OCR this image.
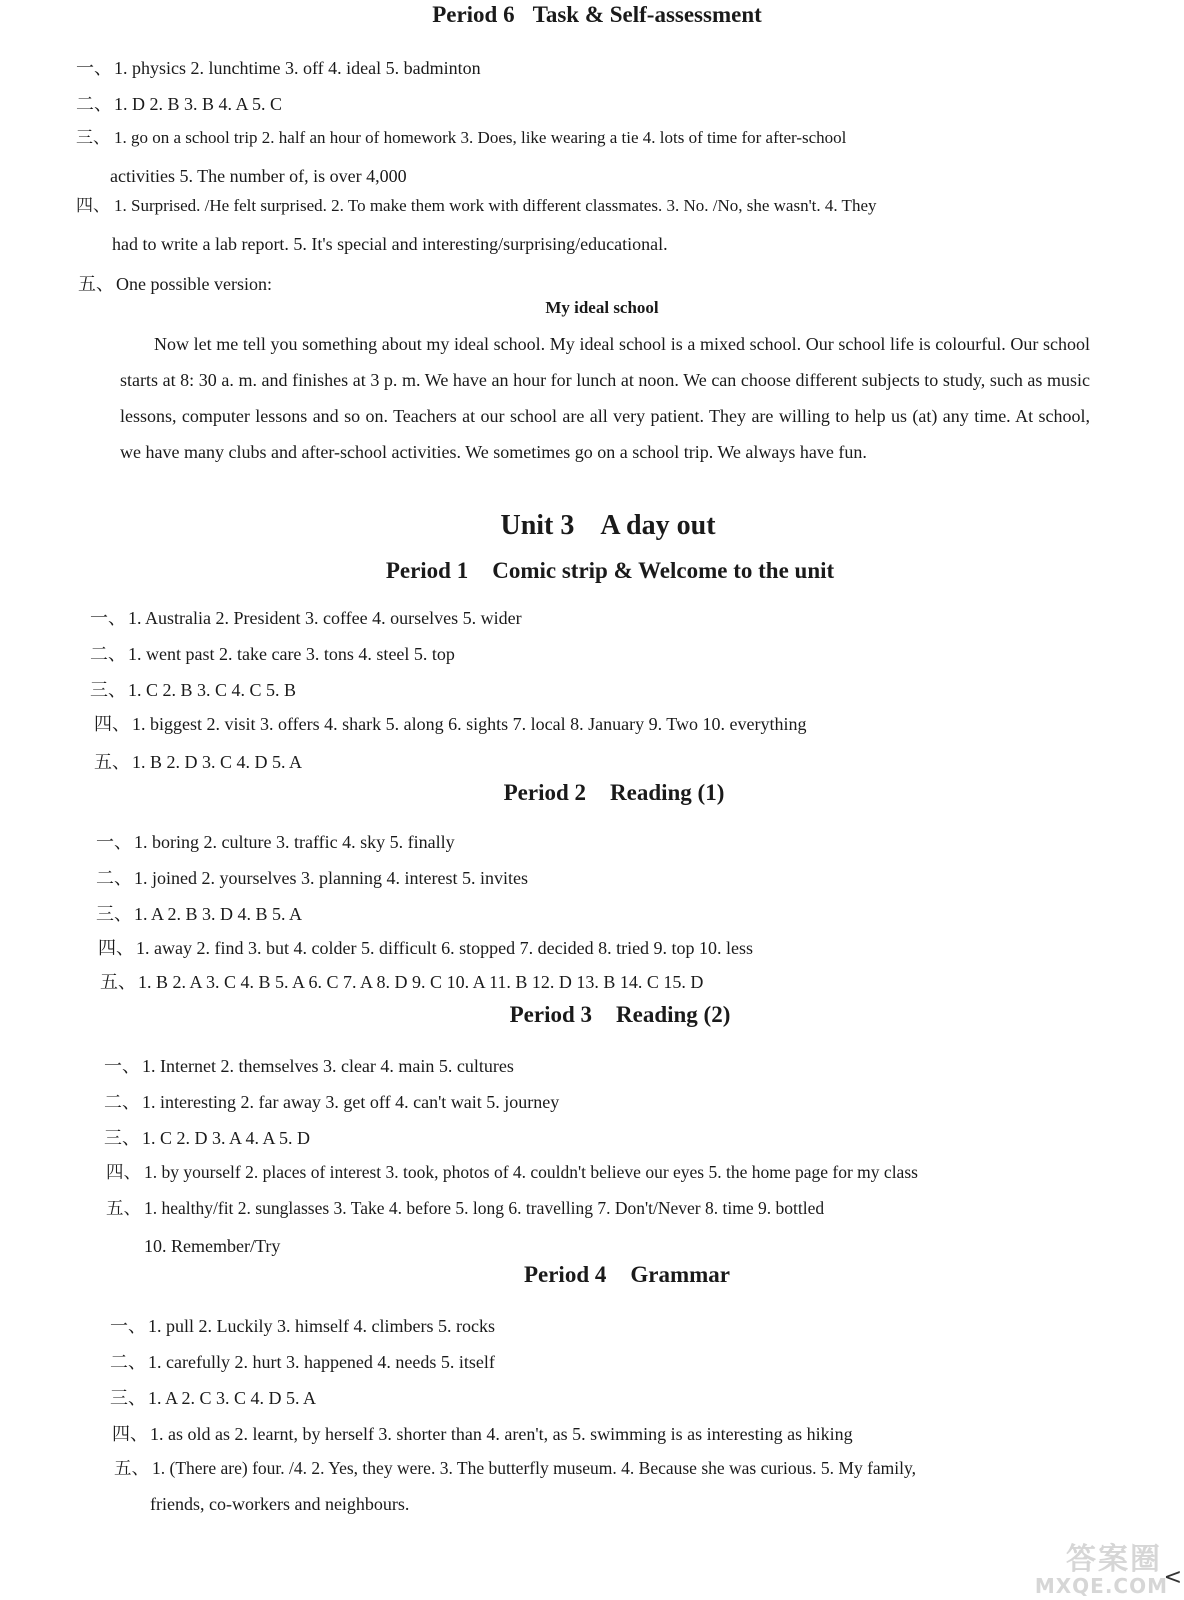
Period 6 Task & Self-assessment

一、 1. physics 2. lunchtime 3. off 4. ideal 5. badminton

二、 1. D 2. B 3. B 4. A 5. C

三、 1. go on a school trip 2. half an hour of homework 3. Does, like wearing a tie 4. lots of time for after-school

activities 5. The number of, is over 4,000

四、 1. Surprised. /He felt surprised. 2. To make them work with different classmates. 3. No. /No, she wasn't. 4. They

had to write a lab report. 5. It's special and interesting/surprising/educational.

五、 One possible version:

My ideal school

Now let me tell you something about my ideal school. My ideal school is a mixed school. Our school life is colourful. Our school starts at 8: 30 a. m. and finishes at 3 p. m. We have an hour for lunch at noon. We can choose different subjects to study, such as music lessons, computer lessons and so on. Teachers at our school are all very patient. They are willing to help us (at) any time. At school, we have many clubs and after-school activities. We sometimes go on a school trip. We always have fun.

Unit 3 A day out

Period 1 Comic strip & Welcome to the unit

一、 1. Australia 2. President 3. coffee 4. ourselves 5. wider

二、 1. went past 2. take care 3. tons 4. steel 5. top

三、 1. C 2. B 3. C 4. C 5. B

四、 1. biggest 2. visit 3. offers 4. shark 5. along 6. sights 7. local 8. January 9. Two 10. everything

五、 1. B 2. D 3. C 4. D 5. A

Period 2 Reading (1)

一、 1. boring 2. culture 3. traffic 4. sky 5. finally

二、 1. joined 2. yourselves 3. planning 4. interest 5. invites

三、 1. A 2. B 3. D 4. B 5. A

四、 1. away 2. find 3. but 4. colder 5. difficult 6. stopped 7. decided 8. tried 9. top 10. less

五、 1. B 2. A 3. C 4. B 5. A 6. C 7. A 8. D 9. C 10. A 11. B 12. D 13. B 14. C 15. D

Period 3 Reading (2)

一、 1. Internet 2. themselves 3. clear 4. main 5. cultures

二、 1. interesting 2. far away 3. get off 4. can't wait 5. journey

三、 1. C 2. D 3. A 4. A 5. D

四、 1. by yourself 2. places of interest 3. took, photos of 4. couldn't believe our eyes 5. the home page for my class

五、 1. healthy/fit 2. sunglasses 3. Take 4. before 5. long 6. travelling 7. Don't/Never 8. time 9. bottled

10. Remember/Try

Period 4 Grammar

一、 1. pull 2. Luckily 3. himself 4. climbers 5. rocks

二、 1. carefully 2. hurt 3. happened 4. needs 5. itself

三、 1. A 2. C 3. C 4. D 5. A

四、 1. as old as 2. learnt, by herself 3. shorter than 4. aren't, as 5. swimming is as interesting as hiking

五、 1. (There are) four. /4. 2. Yes, they were. 3. The butterfly museum. 4. Because she was curious. 5. My family,

friends, co-workers and neighbours.

答案圈
MXQE.COM
<
